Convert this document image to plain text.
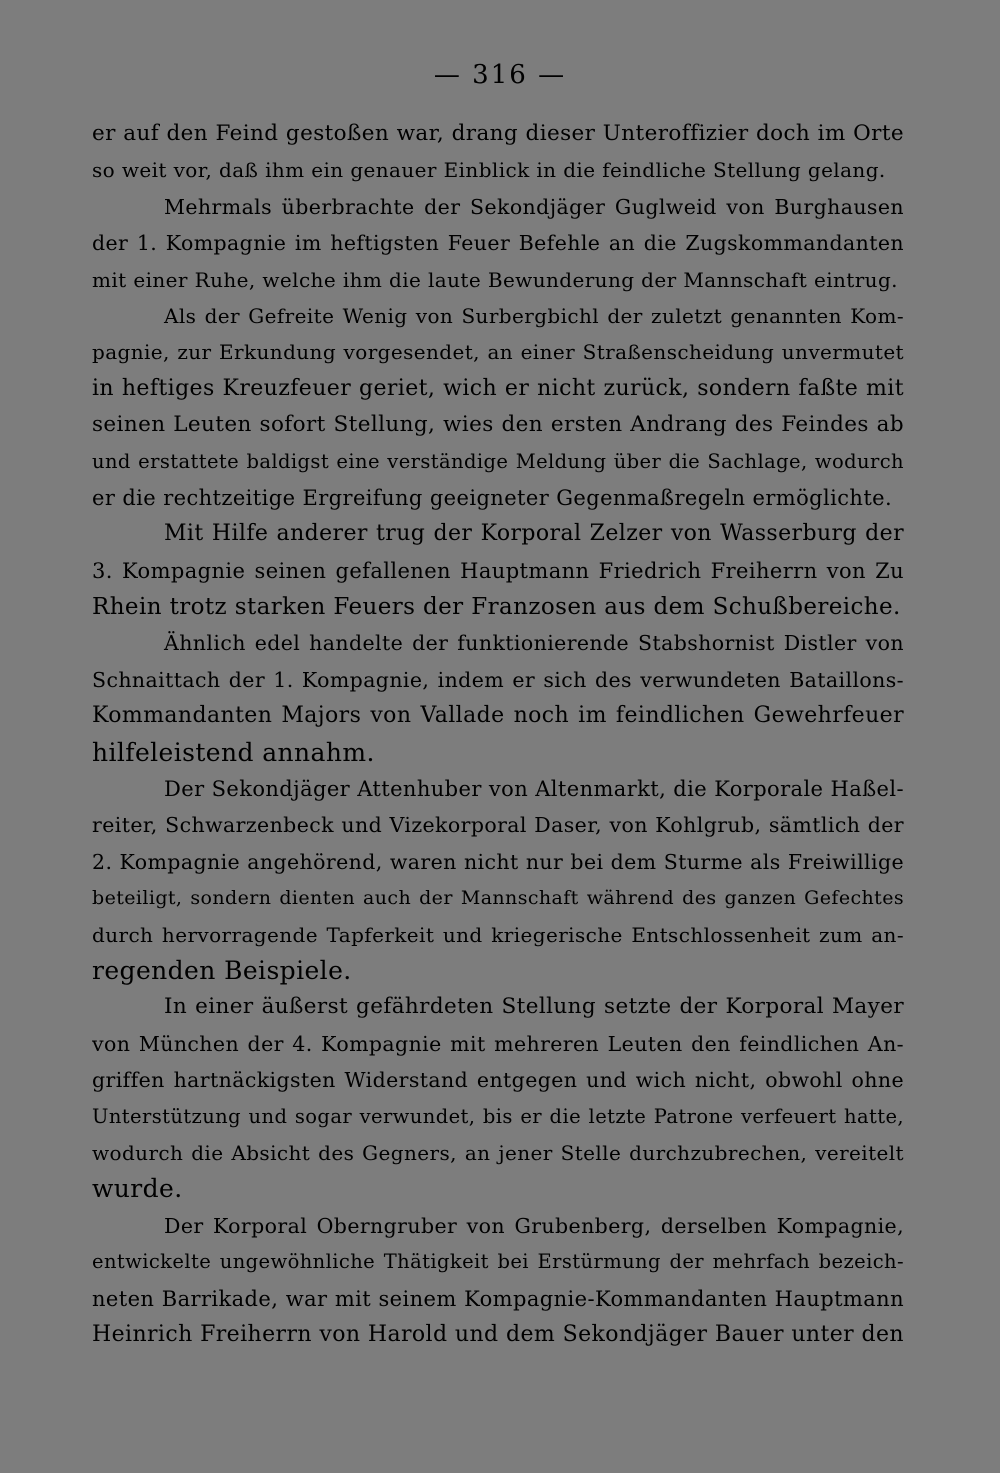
— 316 —
er auf den Feind gestoßen war, drang dieser Unteroffizier doch im Orte
so weit vor, daß ihm ein genauer Einblick in die feindliche Stellung gelang.
Mehrmals überbrachte der Sekondjäger Guglweid von Burghausen
der 1. Kompagnie im heftigsten Feuer Befehle an die Zugskommandanten
mit einer Ruhe, welche ihm die laute Bewunderung der Mannschaft eintrug.
Als der Gefreite Wenig von Surbergbichl der zuletzt genannten Kom-
pagnie, zur Erkundung vorgesendet, an einer Straßenscheidung unvermutet
in heftiges Kreuzfeuer geriet, wich er nicht zurück, sondern faßte mit
seinen Leuten sofort Stellung, wies den ersten Andrang des Feindes ab
und erstattete baldigst eine verständige Meldung über die Sachlage, wodurch
er die rechtzeitige Ergreifung geeigneter Gegenmaßregeln ermöglichte.
Mit Hilfe anderer trug der Korporal Zelzer von Wasserburg der
3. Kompagnie seinen gefallenen Hauptmann Friedrich Freiherrn von Zu
Rhein trotz starken Feuers der Franzosen aus dem Schußbereiche.
Ähnlich edel handelte der funktionierende Stabshornist Distler von
Schnaittach der 1. Kompagnie, indem er sich des verwundeten Bataillons-
Kommandanten Majors von Vallade noch im feindlichen Gewehrfeuer
hilfeleistend annahm.
Der Sekondjäger Attenhuber von Altenmarkt, die Korporale Haßel-
reiter, Schwarzenbeck und Vizekorporal Daser, von Kohlgrub, sämtlich der
2. Kompagnie angehörend, waren nicht nur bei dem Sturme als Freiwillige
beteiligt, sondern dienten auch der Mannschaft während des ganzen Gefechtes
durch hervorragende Tapferkeit und kriegerische Entschlossenheit zum an-
regenden Beispiele.
In einer äußerst gefährdeten Stellung setzte der Korporal Mayer
von München der 4. Kompagnie mit mehreren Leuten den feindlichen An-
griffen hartnäckigsten Widerstand entgegen und wich nicht, obwohl ohne
Unterstützung und sogar verwundet, bis er die letzte Patrone verfeuert hatte,
wodurch die Absicht des Gegners, an jener Stelle durchzubrechen, vereitelt
wurde.
Der Korporal Oberngruber von Grubenberg, derselben Kompagnie,
entwickelte ungewöhnliche Thätigkeit bei Erstürmung der mehrfach bezeich-
neten Barrikade, war mit seinem Kompagnie-Kommandanten Hauptmann
Heinrich Freiherrn von Harold und dem Sekondjäger Bauer unter den
